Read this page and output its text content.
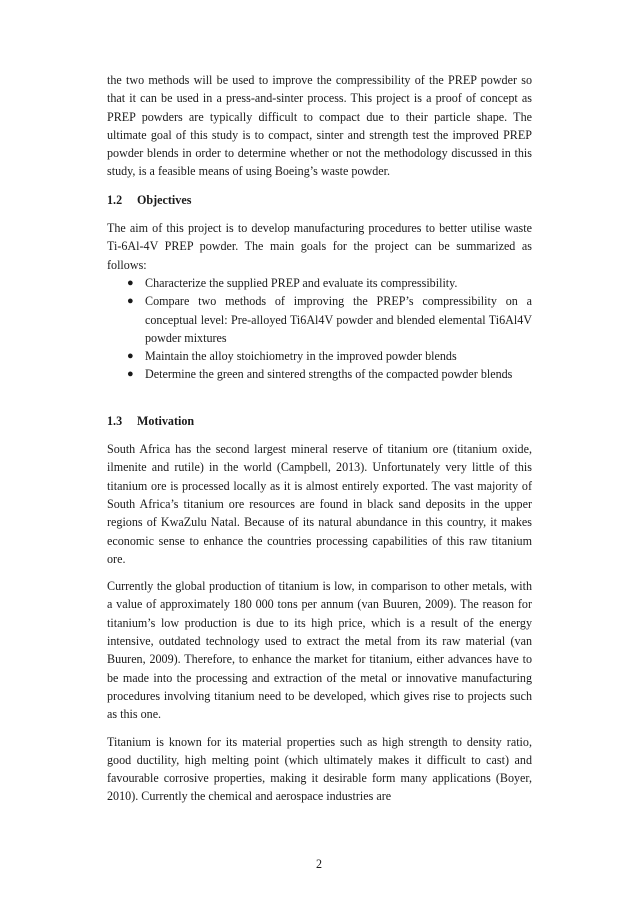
the two methods will be used to improve the compressibility of the PREP powder so that it can be used in a press-and-sinter process. This project is a proof of concept as PREP powders are typically difficult to compact due to their particle shape. The ultimate goal of this study is to compact, sinter and strength test the improved PREP powder blends in order to determine whether or not the methodology discussed in this study, is a feasible means of using Boeing’s waste powder.

1.2 Objectives

The aim of this project is to develop manufacturing procedures to better utilise waste Ti-6Al-4V PREP powder. The main goals for the project can be summarized as follows:

● Characterize the supplied PREP and evaluate its compressibility.
● Compare two methods of improving the PREP’s compressibility on a conceptual level: Pre-alloyed Ti6Al4V powder and blended elemental Ti6Al4V powder mixtures
● Maintain the alloy stoichiometry in the improved powder blends
● Determine the green and sintered strengths of the compacted powder blends
1.3 Motivation

South Africa has the second largest mineral reserve of titanium ore (titanium oxide, ilmenite and rutile) in the world (Campbell, 2013). Unfortunately very little of this titanium ore is processed locally as it is almost entirely exported. The vast majority of South Africa’s titanium ore resources are found in black sand deposits in the upper regions of KwaZulu Natal. Because of its natural abundance in this country, it makes economic sense to enhance the countries processing capabilities of this raw titanium ore.

Currently the global production of titanium is low, in comparison to other metals, with a value of approximately 180 000 tons per annum (van Buuren, 2009). The reason for titanium’s low production is due to its high price, which is a result of the energy intensive, outdated technology used to extract the metal from its raw material (van Buuren, 2009). Therefore, to enhance the market for titanium, either advances have to be made into the processing and extraction of the metal or innovative manufacturing procedures involving titanium need to be developed, which gives rise to projects such as this one.

Titanium is known for its material properties such as high strength to density ratio, good ductility, high melting point (which ultimately makes it difficult to cast) and favourable corrosive properties, making it desirable form many applications (Boyer, 2010). Currently the chemical and aerospace industries are

2
